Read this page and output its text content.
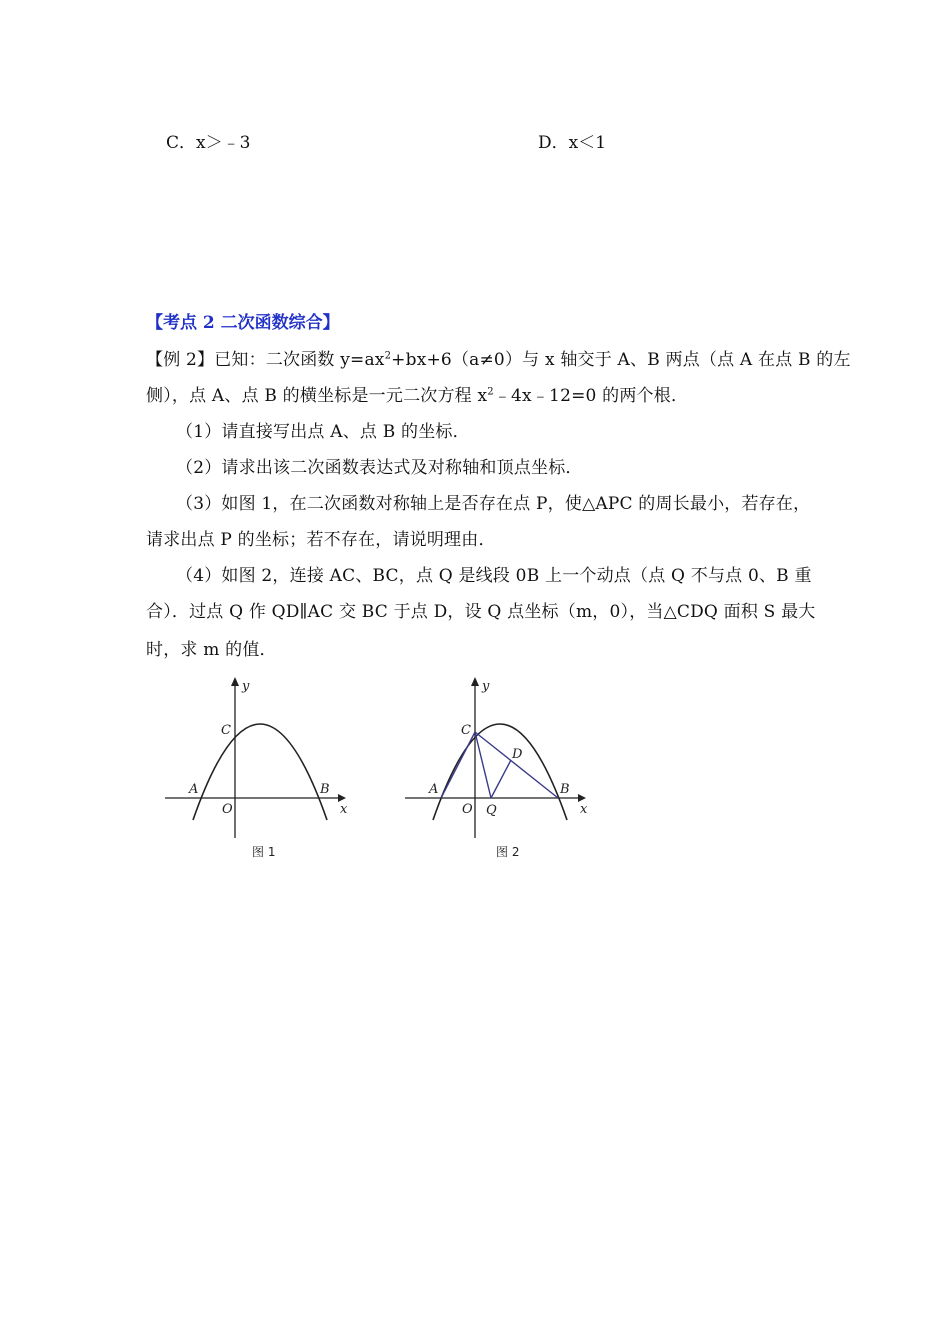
C．x＞﹣3	D．x＜1
【考点 2 二次函数综合】
【例 2】已知：二次函数 $y=ax^2+bx+6(a\ne 0)$与 x 轴交于 A、B 两点（点 A 在点 B 的左
侧），点 A、点 B 的横坐标是一元二次方程 $x^2﹣4x﹣12=0$ 的两个根．
（1）请直接写出点 A、点 B 的坐标．
（2）请求出该二次函数表达式及对称轴和顶点坐标．
（3）如图 1，在二次函数对称轴上是否存在点 P，使△APC 的周长最小，若存在，
请求出点 P 的坐标；若不存在，请说明理由．
（4）如图 2，连接 AC、BC，点 Q 是线段 0B 上一个动点（点 Q 不与点 0、B 重
合）．过点 Q 作 QD∥AC 交 BC 于点 D，设 Q 点坐标（m，0），当△CDQ 面积 S 最大
时，求 m 的值．
y
x
C
A
O
B
图 1
y
x
C
A
O
B
Q
D
图 2
